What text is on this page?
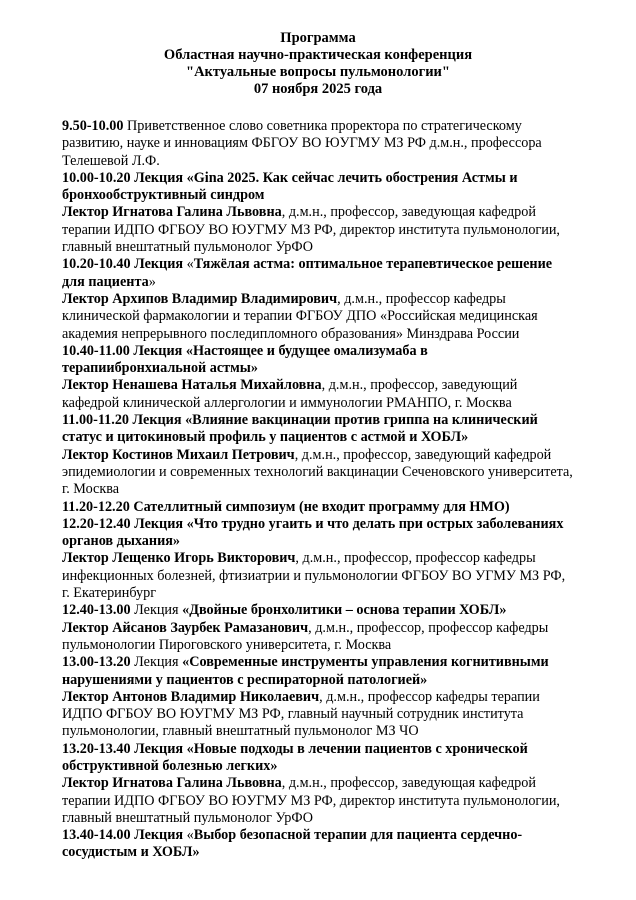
Программа
Областная научно-практическая конференция
"Актуальные вопросы пульмонологии"
07 ноября 2025 года
9.50-10.00 Приветственное слово советника проректора по стратегическому
развитию, науке и инновациям ФБГОУ ВО ЮУГМУ МЗ РФ д.м.н., профессора
Телешевой Л.Ф.
10.00-10.20 Лекция «Gina 2025. Как сейчас лечить обострения Астмы и
бронхообструктивный синдром
Лектор Игнатова Галина Львовна, д.м.н., профессор, заведующая кафедрой
терапии ИДПО ФГБОУ ВО ЮУГМУ МЗ РФ, директор института пульмонологии,
главный внештатный пульмонолог УрФО
10.20-10.40 Лекция «Тяжёлая астма: оптимальное терапевтическое решение
для пациента»
Лектор Архипов Владимир Владимирович, д.м.н., профессор кафедры
клинической фармакологии и терапии ФГБОУ ДПО «Российская медицинская
академия непрерывного последипломного образования» Минздрава России
10.40-11.00 Лекция «Настоящее и будущее омализумаба в
терапиибронхиальной астмы»
Лектор Ненашева Наталья Михайловна, д.м.н., профессор, заведующий
кафедрой клинической аллергологии и иммунологии РМАНПО, г. Москва
11.00-11.20 Лекция «Влияние вакцинации против гриппа на клинический
статус и цитокиновый профиль у пациентов с астмой и ХОБЛ»
Лектор Костинов Михаил Петрович, д.м.н., профессор, заведующий кафедрой
эпидемиологии и современных технологий вакцинации Сеченовского университета,
г. Москва
11.20-12.20 Сателлитный симпозиум (не входит программу для НМО)
12.20-12.40 Лекция «Что трудно угаить и что делать при острых заболеваниях
органов дыхания»
Лектор Лещенко Игорь Викторович, д.м.н., профессор, профессор кафедры
инфекционных болезней, фтизиатрии и пульмонологии ФГБОУ ВО УГМУ МЗ РФ,
г. Екатеринбург
12.40-13.00 Лекция «Двойные бронхолитики – основа терапии ХОБЛ»
Лектор Айсанов Заурбек Рамазанович, д.м.н., профессор, профессор кафедры
пульмонологии Пироговского университета, г. Москва
13.00-13.20 Лекция «Современные инструменты управления когнитивными
нарушениями у пациентов с респираторной патологией»
Лектор Антонов Владимир Николаевич, д.м.н., профессор кафедры терапии
ИДПО ФГБОУ ВО ЮУГМУ МЗ РФ, главный научный сотрудник института
пульмонологии, главный внештатный пульмонолог МЗ ЧО
13.20-13.40 Лекция «Новые подходы в лечении пациентов с хронической
обструктивной болезнью легких»
Лектор Игнатова Галина Львовна, д.м.н., профессор, заведующая кафедрой
терапии ИДПО ФГБОУ ВО ЮУГМУ МЗ РФ, директор института пульмонологии,
главный внештатный пульмонолог УрФО
13.40-14.00 Лекция «Выбор безопасной терапии для пациента сердечно-
сосудистым и ХОБЛ»
